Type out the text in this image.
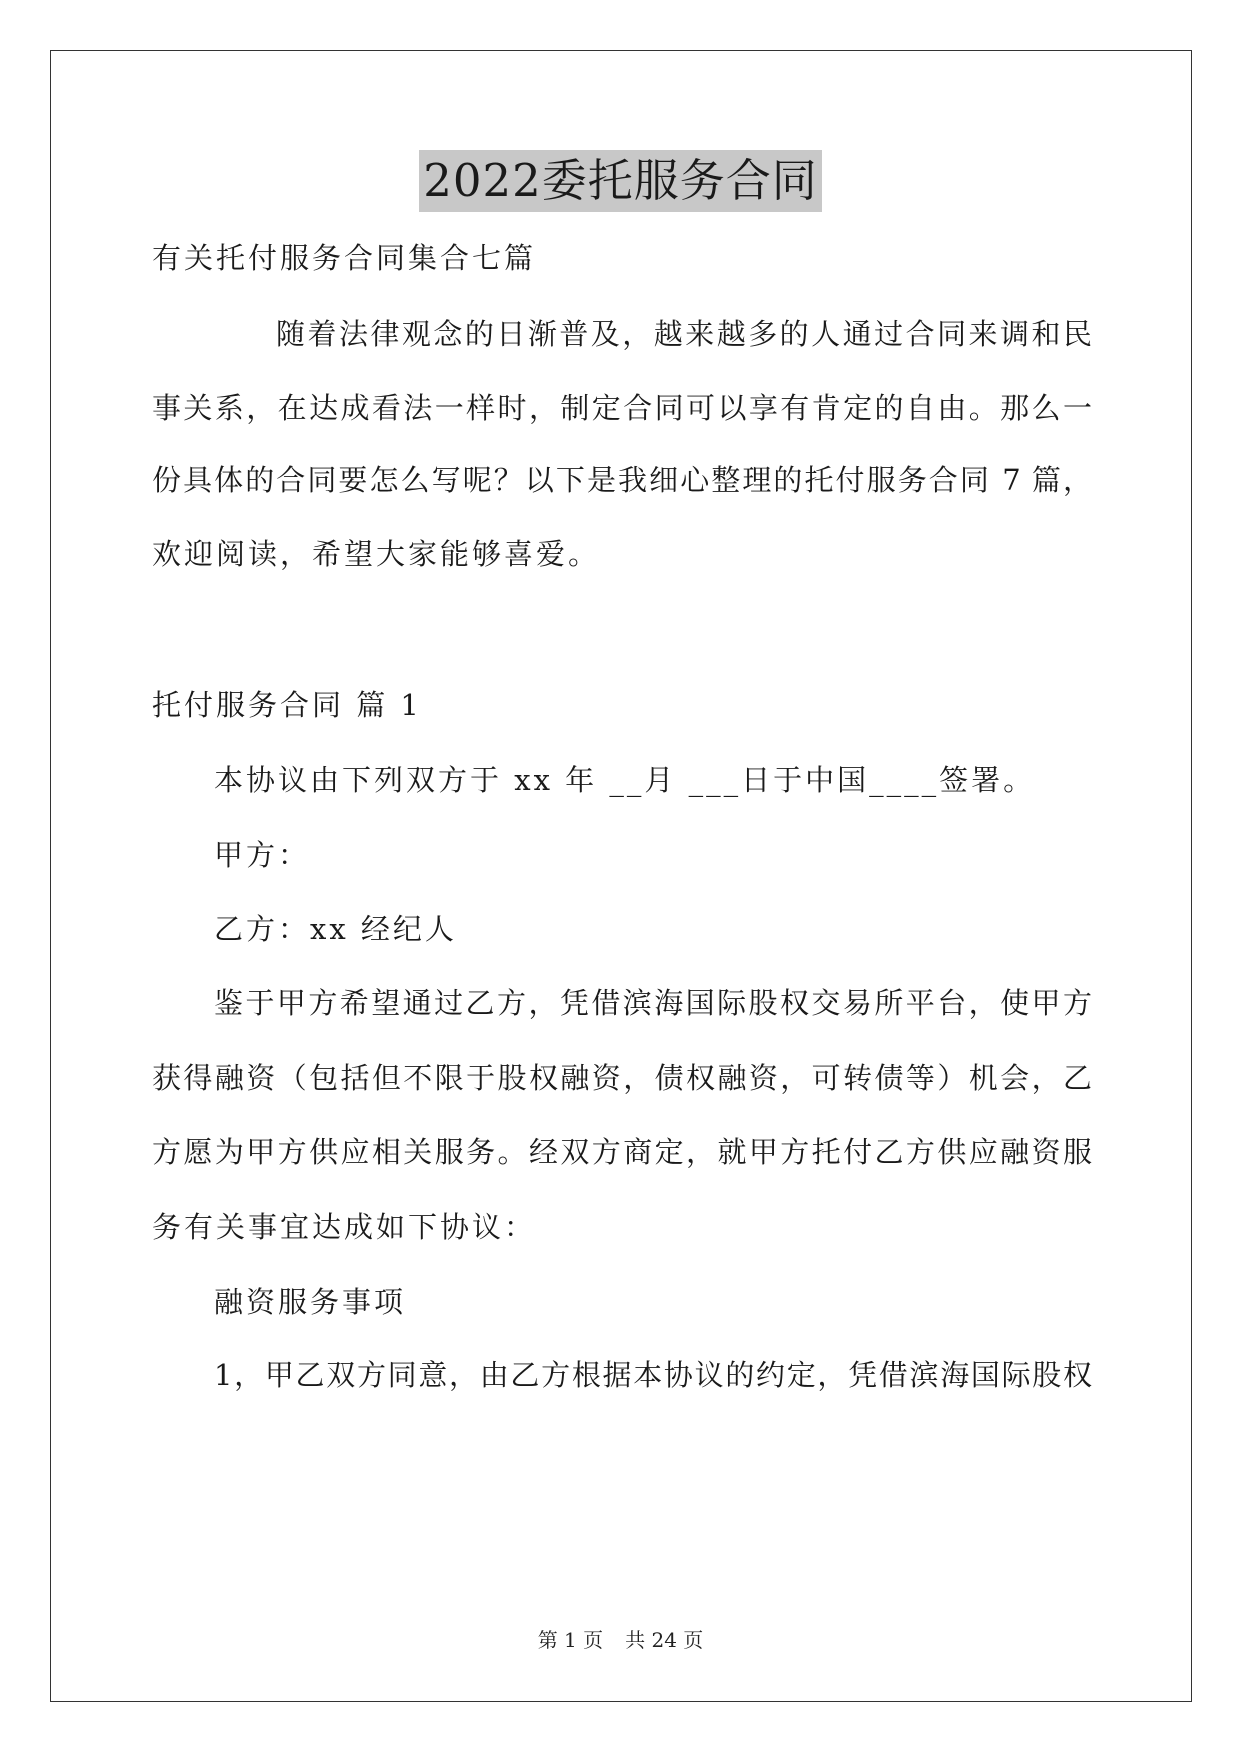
2022委托服务合同
有关托付服务合同集合七篇
随着法律观念的日渐普及，越来越多的人通过合同来调和民
事关系，在达成看法一样时，制定合同可以享有肯定的自由。那么一
份具体的合同要怎么写呢？以下是我细心整理的托付服务合同 7 篇，
欢迎阅读，希望大家能够喜爱。
托付服务合同 篇 1
本协议由下列双方于 xx 年 __月 ___日于中国____签署。
甲方：
乙方：xx 经纪人
鉴于甲方希望通过乙方，凭借滨海国际股权交易所平台，使甲方
获得融资（包括但不限于股权融资，债权融资，可转债等）机会，乙
方愿为甲方供应相关服务。经双方商定，就甲方托付乙方供应融资服
务有关事宜达成如下协议：
融资服务事项
1，甲乙双方同意，由乙方根据本协议的约定，凭借滨海国际股权
第 1 页 共 24 页
